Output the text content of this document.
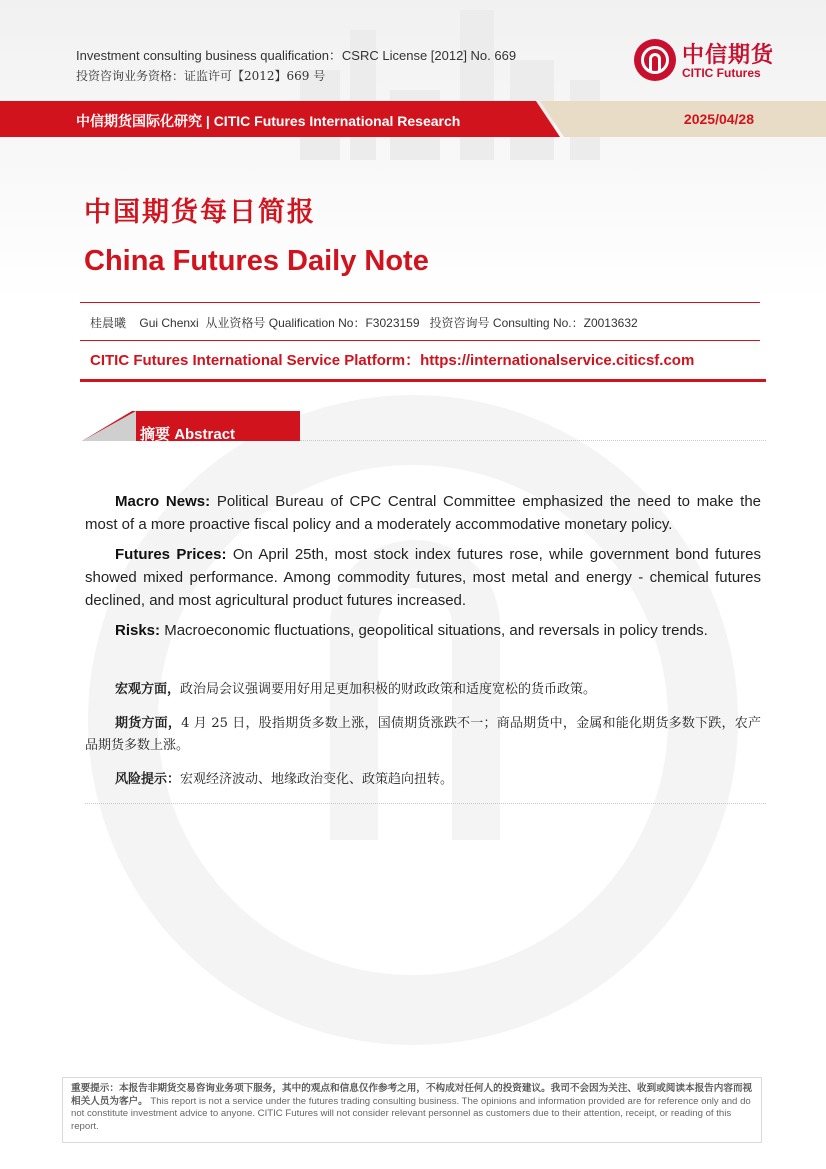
Investment consulting business qualification：CSRC License [2012] No. 669
投资咨询业务资格：证监许可【2012】669 号
中信期货
CITIC Futures
中信期货国际化研究 | CITIC Futures International Research	2025/04/28
中国期货每日简报
China Futures Daily Note
桂晨曦 Gui Chenxi 从业资格号 Qualification No：F3023159 投资咨询号 Consulting No.：Z0013632
CITIC Futures International Service Platform：https://internationalservice.citicsf.com
摘要 Abstract

Macro News: Political Bureau of CPC Central Committee emphasized the need to make the most of a more proactive fiscal policy and a moderately accommodative monetary policy.

Futures Prices: On April 25th, most stock index futures rose, while government bond futures showed mixed performance. Among commodity futures, most metal and energy - chemical futures declined, and most agricultural product futures increased.

Risks: Macroeconomic fluctuations, geopolitical situations, and reversals in policy trends.

宏观方面，政治局会议强调要用好用足更加积极的财政政策和适度宽松的货币政策。

期货方面，4 月 25 日，股指期货多数上涨，国债期货涨跌不一；商品期货中，金属和能化期货多数下跌，农产品期货多数上涨。

风险提示：宏观经济波动、地缘政治变化、政策趋向扭转。

重要提示：本报告非期货交易咨询业务项下服务，其中的观点和信息仅作参考之用，不构成对任何人的投资建议。我司不会因为关注、收到或阅读本报告内容而视相关人员为客户。 This report is not a service under the futures trading consulting business. The opinions and information provided are for reference only and do not constitute investment advice to anyone. CITIC Futures will not consider relevant personnel as customers due to their attention, receipt, or reading of this report.
